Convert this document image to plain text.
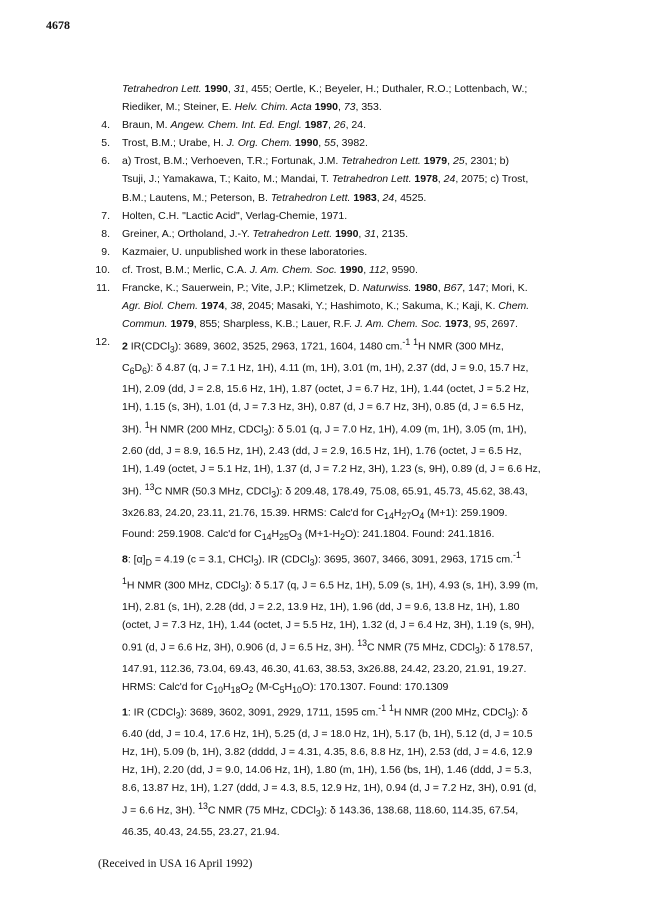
4678
Tetrahedron Lett. 1990, 31, 455; Oertle, K.; Beyeler, H.; Duthaler, R.O.; Lottenbach, W.;
Riediker, M.; Steiner, E. Helv. Chim. Acta 1990, 73, 353.
4. Braun, M. Angew. Chem. Int. Ed. Engl. 1987, 26, 24.
5. Trost, B.M.; Urabe, H. J. Org. Chem. 1990, 55, 3982.
6. a) Trost, B.M.; Verhoeven, T.R.; Fortunak, J.M. Tetrahedron Lett. 1979, 25, 2301; b)
Tsuji, J.; Yamakawa, T.; Kaito, M.; Mandai, T. Tetrahedron Lett. 1978, 24, 2075; c) Trost,
B.M.; Lautens, M.; Peterson, B. Tetrahedron Lett. 1983, 24, 4525.
7. Holten, C.H. "Lactic Acid", Verlag-Chemie, 1971.
8. Greiner, A.; Ortholand, J.-Y. Tetrahedron Lett. 1990, 31, 2135.
9. Kazmaier, U. unpublished work in these laboratories.
10. cf. Trost, B.M.; Merlic, C.A. J. Am. Chem. Soc. 1990, 112, 9590.
11. Francke, K.; Sauerwein, P.; Vite, J.P.; Klimetzek, D. Naturwiss. 1980, B67, 147; Mori, K.
Agr. Biol. Chem. 1974, 38, 2045; Masaki, Y.; Hashimoto, K.; Sakuma, K.; Kaji, K. Chem.
Commun. 1979, 855; Sharpless, K.B.; Lauer, R.F. J. Am. Chem. Soc. 1973, 95, 2697.
12. 2 IR(CDCl$_3$): 3689, 3602, 3525, 2963, 1721, 1604, 1480 cm.$^{-1}$ $^1$H NMR (300 MHz,
$C_6D_6$): δ 4.87 (q, J = 7.1 Hz, 1H), 4.11 (m, 1H), 3.01 (m, 1H), 2.37 (dd, J = 9.0, 15.7 Hz,
1H), 2.09 (dd, J = 2.8, 15.6 Hz, 1H), 1.87 (octet, J = 6.7 Hz, 1H), 1.44 (octet, J = 5.2 Hz,
1H), 1.15 (s, 3H), 1.01 (d, J = 7.3 Hz, 3H), 0.87 (d, J = 6.7 Hz, 3H), 0.85 (d, J = 6.5 Hz,
3H). $^1$H NMR (200 MHz, CDCl$_3$): δ 5.01 (q, J = 7.0 Hz, 1H), 4.09 (m, 1H), 3.05 (m, 1H),
2.60 (dd, J = 8.9, 16.5 Hz, 1H), 2.43 (dd, J = 2.9, 16.5 Hz, 1H), 1.76 (octet, J = 6.5 Hz,
1H), 1.49 (octet, J = 5.1 Hz, 1H), 1.37 (d, J = 7.2 Hz, 3H), 1.23 (s, 9H), 0.89 (d, J = 6.6 Hz,
3H). $^{13}$C NMR (50.3 MHz, CDCl$_3$): δ 209.48, 178.49, 75.08, 65.91, 45.73, 45.62, 38.43,
3x26.83, 24.20, 23.11, 21.76, 15.39. HRMS: Calc'd for $C_{14}H_{27}O_4$ (M+1): 259.1909.
Found: 259.1908. Calc'd for $C_{14}H_{25}O_3$ $(M+1-H_2O)$: 241.1804. Found: 241.1816.
8: $[\alpha]_D = 4.19$ (c = 3.1, CHCl$_3$). IR (CDCl$_3$): 3695, 3607, 3466, 3091, 2963, 1715 cm.$^{-1}$
$^1$H NMR (300 MHz, CDCl$_3$): δ 5.17 (q, J = 6.5 Hz, 1H), 5.09 (s, 1H), 4.93 (s, 1H), 3.99 (m,
1H), 2.81 (s, 1H), 2.28 (dd, J = 2.2, 13.9 Hz, 1H), 1.96 (dd, J = 9.6, 13.8 Hz, 1H), 1.80
(octet, J = 7.3 Hz, 1H), 1.44 (octet, J = 5.5 Hz, 1H), 1.32 (d, J = 6.4 Hz, 3H), 1.19 (s, 9H),
0.91 (d, J = 6.6 Hz, 3H), 0.906 (d, J = 6.5 Hz, 3H). $^{13}$C NMR (75 MHz, CDCl$_3$): δ 178.57,
147.91, 112.36, 73.04, 69.43, 46.30, 41.63, 38.53, 3x26.88, 24.42, 23.20, 21.91, 19.27.
HRMS: Calc'd for $C_{10}H_{18}O_2$ $(M-C_5H_{10}O)$: 170.1307. Found: 170.1309
1: IR (CDCl$_3$): 3689, 3602, 3091, 2929, 1711, 1595 cm.$^{-1}$ $^1$H NMR (200 MHz, CDCl$_3$): δ
6.40 (dd, J = 10.4, 17.6 Hz, 1H), 5.25 (d, J = 18.0 Hz, 1H), 5.17 (b, 1H), 5.12 (d, J = 10.5
Hz, 1H), 5.09 (b, 1H), 3.82 (dddd, J = 4.31, 4.35, 8.6, 8.8 Hz, 1H), 2.53 (dd, J = 4.6, 12.9
Hz, 1H), 2.20 (dd, J = 9.0, 14.06 Hz, 1H), 1.80 (m, 1H), 1.56 (bs, 1H), 1.46 (ddd, J = 5.3,
8.6, 13.87 Hz, 1H), 1.27 (ddd, J = 4.3, 8.5, 12.9 Hz, 1H), 0.94 (d, J = 7.2 Hz, 3H), 0.91 (d,
J = 6.6 Hz, 3H). $^{13}$C NMR (75 MHz, CDCl$_3$): δ 143.36, 138.68, 118.60, 114.35, 67.54,
46.35, 40.43, 24.55, 23.27, 21.94.
(Received in USA 16 April 1992)
